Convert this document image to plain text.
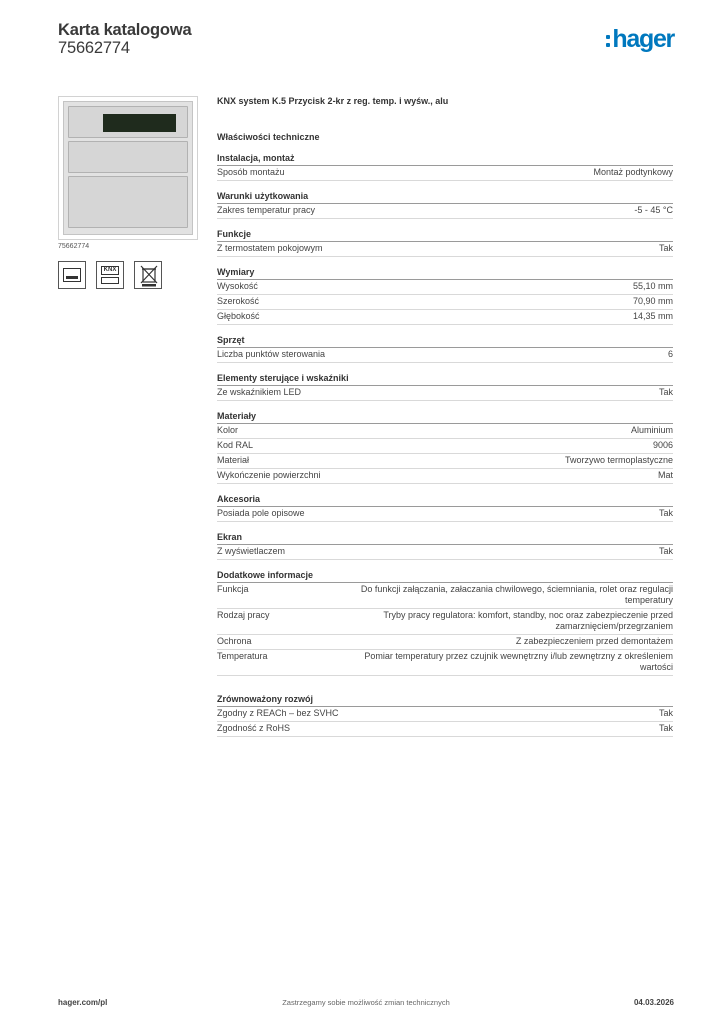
Karta katalogowa
75662774	hager
75662774
KNX
KNX system K.5 Przycisk 2-kr z reg. temp. i wyśw., alu
Właściwości techniczne
Instalacja, montaż
Sposób montażu	Montaż podtynkowy
Warunki użytkowania
Zakres temperatur pracy	-5 - 45 °C
Funkcje
Z termostatem pokojowym	Tak
Wymiary
Wysokość	55,10 mm
Szerokość	70,90 mm
Głębokość	14,35 mm
Sprzęt
Liczba punktów sterowania	6
Elementy sterujące i wskaźniki
Ze wskaźnikiem LED	Tak
Materiały
Kolor	Aluminium
Kod RAL	9006
Materiał	Tworzywo termoplastyczne
Wykończenie powierzchni	Mat
Akcesoria
Posiada pole opisowe	Tak
Ekran
Z wyświetlaczem	Tak
Dodatkowe informacje
Funkcja	Do funkcji załączania, załaczania chwilowego, ściemniania, rolet oraz regulacji temperatury
Rodzaj pracy	Tryby pracy regulatora: komfort, standby, noc oraz zabezpieczenie przed zamarznięciem/przegrzaniem
Ochrona	Z zabezpieczeniem przed demontażem
Temperatura	Pomiar temperatury przez czujnik wewnętrzny i/lub zewnętrzny z określeniem wartości
Zrównoważony rozwój
Zgodny z REACh – bez SVHC	Tak
Zgodność z RoHS	Tak
hager.com/pl	Zastrzegamy sobie możliwość zmian technicznych	04.03.2026
